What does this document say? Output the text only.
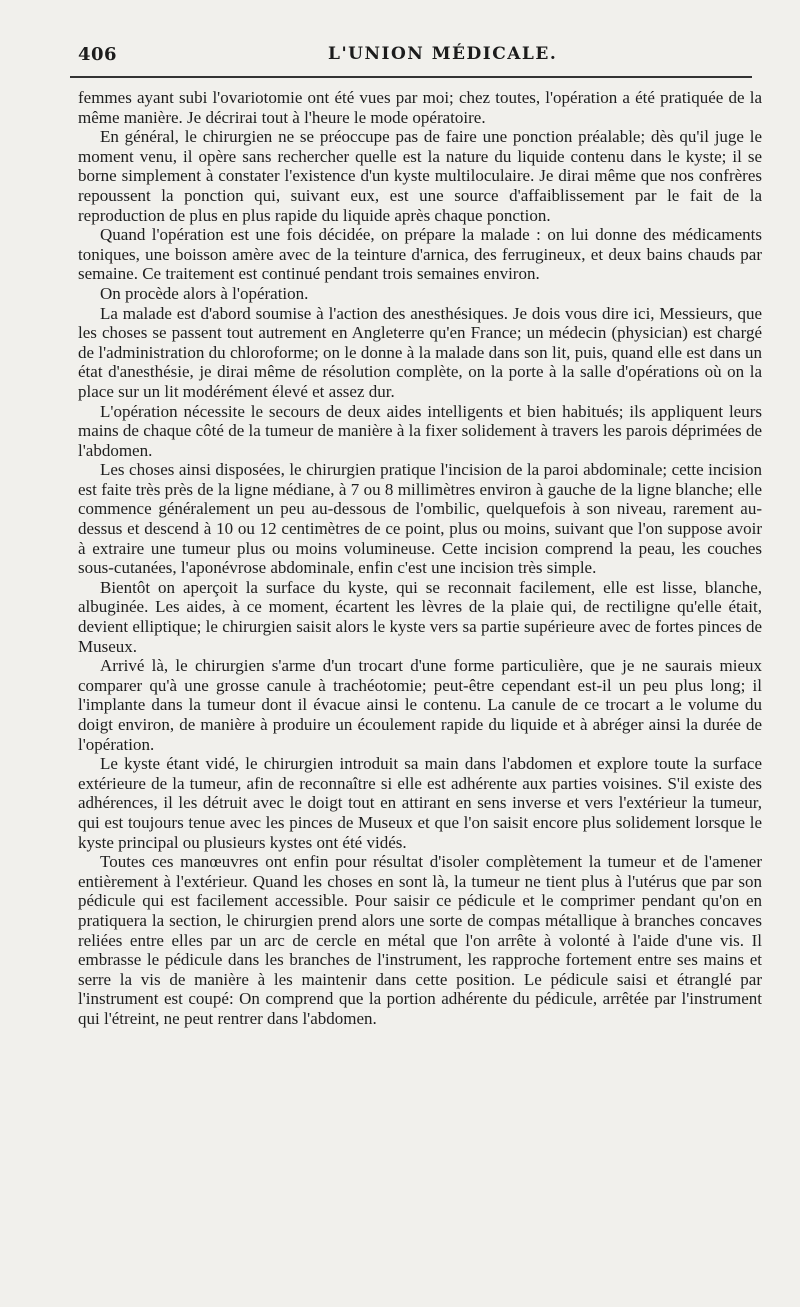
406	L'UNION MÉDICALE.

femmes ayant subi l'ovariotomie ont été vues par moi; chez toutes, l'opération a été pratiquée de la même manière. Je décrirai tout à l'heure le mode opératoire.

En général, le chirurgien ne se préoccupe pas de faire une ponction préalable; dès qu'il juge le moment venu, il opère sans rechercher quelle est la nature du liquide contenu dans le kyste; il se borne simplement à constater l'existence d'un kyste multiloculaire. Je dirai même que nos confrères repoussent la ponction qui, suivant eux, est une source d'affaiblissement par le fait de la reproduction de plus en plus rapide du liquide après chaque ponction.

Quand l'opération est une fois décidée, on prépare la malade : on lui donne des médicaments toniques, une boisson amère avec de la teinture d'arnica, des ferrugineux, et deux bains chauds par semaine. Ce traitement est continué pendant trois semaines environ.

On procède alors à l'opération.

La malade est d'abord soumise à l'action des anesthésiques. Je dois vous dire ici, Messieurs, que les choses se passent tout autrement en Angleterre qu'en France; un médecin (physician) est chargé de l'administration du chloroforme; on le donne à la malade dans son lit, puis, quand elle est dans un état d'anesthésie, je dirai même de résolution complète, on la porte à la salle d'opérations où on la place sur un lit modérément élevé et assez dur.

L'opération nécessite le secours de deux aides intelligents et bien habitués; ils appliquent leurs mains de chaque côté de la tumeur de manière à la fixer solidement à travers les parois déprimées de l'abdomen.

Les choses ainsi disposées, le chirurgien pratique l'incision de la paroi abdominale; cette incision est faite très près de la ligne médiane, à 7 ou 8 millimètres environ à gauche de la ligne blanche; elle commence généralement un peu au-dessous de l'ombilic, quelquefois à son niveau, rarement au-dessus et descend à 10 ou 12 centimètres de ce point, plus ou moins, suivant que l'on suppose avoir à extraire une tumeur plus ou moins volumineuse. Cette incision comprend la peau, les couches sous-cutanées, l'aponévrose abdominale, enfin c'est une incision très simple.

Bientôt on aperçoit la surface du kyste, qui se reconnait facilement, elle est lisse, blanche, albuginée. Les aides, à ce moment, écartent les lèvres de la plaie qui, de rectiligne qu'elle était, devient elliptique; le chirurgien saisit alors le kyste vers sa partie supérieure avec de fortes pinces de Museux.

Arrivé là, le chirurgien s'arme d'un trocart d'une forme particulière, que je ne saurais mieux comparer qu'à une grosse canule à trachéotomie; peut-être cependant est-il un peu plus long; il l'implante dans la tumeur dont il évacue ainsi le contenu. La canule de ce trocart a le volume du doigt environ, de manière à produire un écoulement rapide du liquide et à abréger ainsi la durée de l'opération.

Le kyste étant vidé, le chirurgien introduit sa main dans l'abdomen et explore toute la surface extérieure de la tumeur, afin de reconnaître si elle est adhérente aux parties voisines. S'il existe des adhérences, il les détruit avec le doigt tout en attirant en sens inverse et vers l'extérieur la tumeur, qui est toujours tenue avec les pinces de Museux et que l'on saisit encore plus solidement lorsque le kyste principal ou plusieurs kystes ont été vidés.

Toutes ces manœuvres ont enfin pour résultat d'isoler complètement la tumeur et de l'amener entièrement à l'extérieur. Quand les choses en sont là, la tumeur ne tient plus à l'utérus que par son pédicule qui est facilement accessible. Pour saisir ce pédicule et le comprimer pendant qu'on en pratiquera la section, le chirurgien prend alors une sorte de compas métallique à branches concaves reliées entre elles par un arc de cercle en métal que l'on arrête à volonté à l'aide d'une vis. Il embrasse le pédicule dans les branches de l'instrument, les rapproche fortement entre ses mains et serre la vis de manière à les maintenir dans cette position. Le pédicule saisi et étranglé par l'instrument est coupé: On comprend que la portion adhérente du pédicule, arrêtée par l'instrument qui l'étreint, ne peut rentrer dans l'abdomen.
